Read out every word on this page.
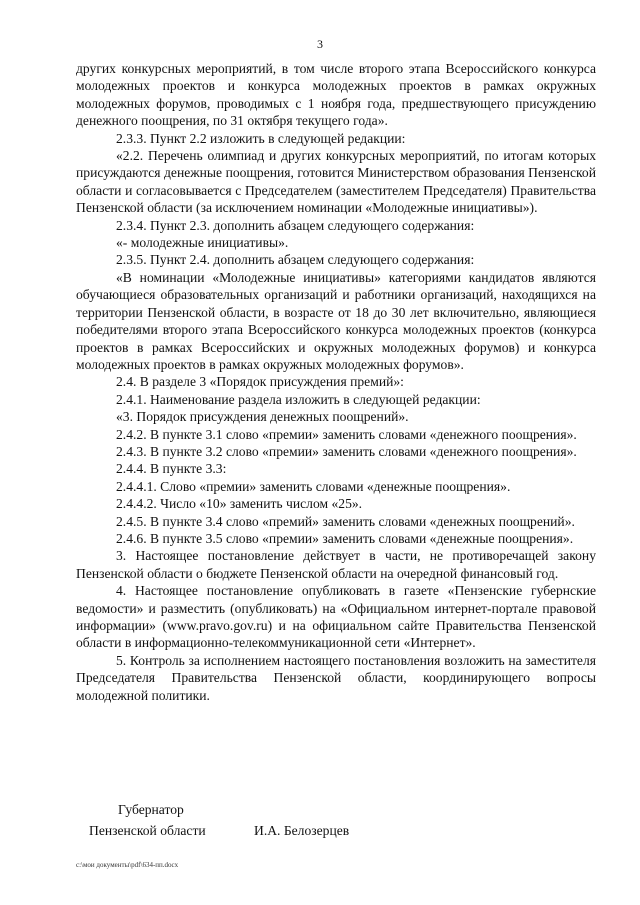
3

других конкурсных мероприятий, в том числе второго этапа Всероссийского конкурса молодежных проектов и конкурса молодежных проектов в рамках окружных молодежных форумов, проводимых с 1 ноября года, предшествующего присуждению денежного поощрения, по 31 октября текущего года».

2.3.3. Пункт 2.2 изложить в следующей редакции:

«2.2. Перечень олимпиад и других конкурсных мероприятий, по итогам которых присуждаются денежные поощрения, готовится Министерством образования Пензенской области и согласовывается с Председателем (заместителем Председателя) Правительства Пензенской области (за исключением номинации «Молодежные инициативы»).

2.3.4. Пункт 2.3. дополнить абзацем следующего содержания:

«- молодежные инициативы».

2.3.5. Пункт 2.4. дополнить абзацем следующего содержания:

«В номинации «Молодежные инициативы» категориями кандидатов являются обучающиеся образовательных организаций и работники организаций, находящихся на территории Пензенской области, в возрасте от 18 до 30 лет включительно, являющиеся победителями второго этапа Всероссийского конкурса молодежных проектов (конкурса проектов в рамках Всероссийских и окружных молодежных форумов) и конкурса молодежных проектов в рамках окружных молодежных форумов».

2.4. В разделе 3 «Порядок присуждения премий»:

2.4.1. Наименование раздела изложить в следующей редакции:

«3. Порядок присуждения денежных поощрений».

2.4.2. В пункте 3.1 слово «премии» заменить словами «денежного поощрения».

2.4.3. В пункте 3.2 слово «премии» заменить словами «денежного поощрения».

2.4.4. В пункте 3.3:

2.4.4.1. Слово «премии» заменить словами «денежные поощрения».

2.4.4.2. Число «10» заменить числом «25».

2.4.5. В пункте 3.4 слово «премий» заменить словами «денежных поощрений».

2.4.6. В пункте 3.5 слово «премии» заменить словами «денежные поощрения».

3. Настоящее постановление действует в части, не противоречащей закону Пензенской области о бюджете Пензенской области на очередной финансовый год.

4. Настоящее постановление опубликовать в газете «Пензенские губернские ведомости» и разместить (опубликовать) на «Официальном интернет-портале правовой информации» (www.pravo.gov.ru) и на официальном сайте Правительства Пензенской области в информационно-телекоммуникационной сети «Интернет».

5. Контроль за исполнением настоящего постановления возложить на заместителя Председателя Правительства Пензенской области, координирующего вопросы молодежной политики.

Губернатор
Пензенской области	И.А. Белозерцев
c:\мои документы\pdf\634-пп.docx
